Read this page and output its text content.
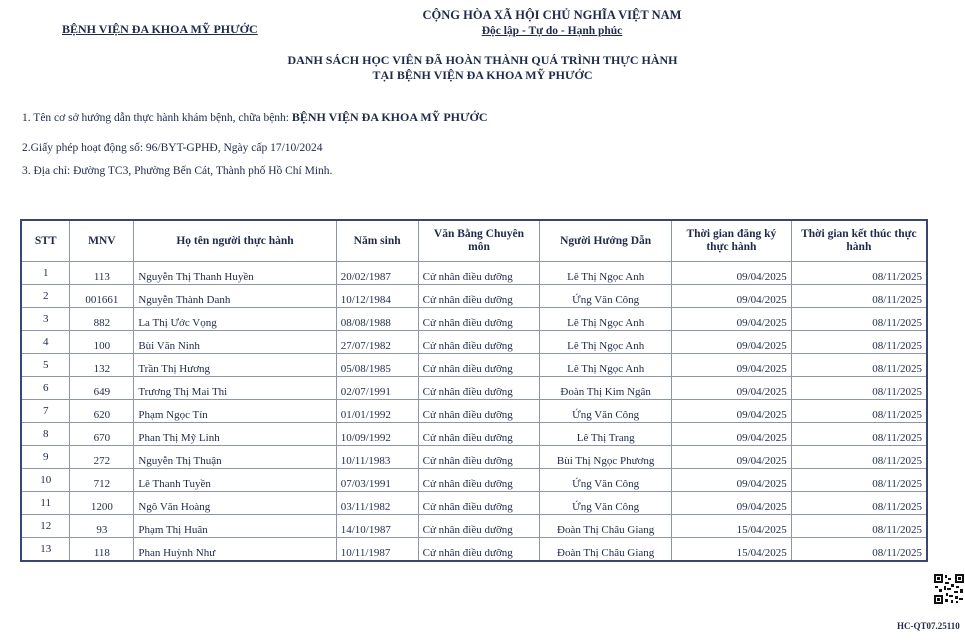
BỆNH VIỆN ĐA KHOA MỸ PHƯỚC
CỘNG HÒA XÃ HỘI CHỦ NGHĨA VIỆT NAM
Độc lập - Tự do - Hạnh phúc
DANH SÁCH HỌC VIÊN ĐÃ HOÀN THÀNH QUÁ TRÌNH THỰC HÀNH
TẠI BỆNH VIỆN ĐA KHOA MỸ PHƯỚC
1. Tên cơ sở hướng dẫn thực hành khám bệnh, chữa bệnh: BỆNH VIỆN ĐA KHOA MỸ PHƯỚC
2.Giấy phép hoạt động số: 96/BYT-GPHĐ, Ngày cấp 17/10/2024
3. Địa chỉ: Đường TC3, Phường Bến Cát, Thành phố Hồ Chí Minh.
STT	MNV	Họ tên người thực hành	Năm sinh	Văn Bằng Chuyên môn	Người Hướng Dẫn	Thời gian đăng ký thực hành	Thời gian kết thúc thực hành
1	113	Nguyễn Thị Thanh Huyền	20/02/1987	Cử nhân điều dưỡng	Lê Thị Ngọc Anh	09/04/2025	08/11/2025
2	001661	Nguyễn Thành Danh	10/12/1984	Cử nhân điều dưỡng	Ứng Văn Công	09/04/2025	08/11/2025
3	882	La Thị Ước Vọng	08/08/1988	Cử nhân điều dưỡng	Lê Thị Ngọc Anh	09/04/2025	08/11/2025
4	100	Bùi Văn Ninh	27/07/1982	Cử nhân điều dưỡng	Lê Thị Ngọc Anh	09/04/2025	08/11/2025
5	132	Trần Thị Hương	05/08/1985	Cử nhân điều dưỡng	Lê Thị Ngọc Anh	09/04/2025	08/11/2025
6	649	Trương Thị Mai Thi	02/07/1991	Cử nhân điều dưỡng	Đoàn Thị Kim Ngân	09/04/2025	08/11/2025
7	620	Phạm Ngọc Tín	01/01/1992	Cử nhân điều dưỡng	Ứng Văn Công	09/04/2025	08/11/2025
8	670	Phan Thị Mỹ Linh	10/09/1992	Cử nhân điều dưỡng	Lê Thị Trang	09/04/2025	08/11/2025
9	272	Nguyễn Thị Thuận	10/11/1983	Cử nhân điều dưỡng	Bùi Thị Ngọc Phương	09/04/2025	08/11/2025
10	712	Lê Thanh Tuyền	07/03/1991	Cử nhân điều dưỡng	Ứng Văn Công	09/04/2025	08/11/2025
11	1200	Ngô Văn Hoàng	03/11/1982	Cử nhân điều dưỡng	Ứng Văn Công	09/04/2025	08/11/2025
12	93	Phạm Thị Huân	14/10/1987	Cử nhân điều dưỡng	Đoàn Thị Châu Giang	15/04/2025	08/11/2025
13	118	Phan Huỳnh Như	10/11/1987	Cử nhân điều dưỡng	Đoàn Thị Châu Giang	15/04/2025	08/11/2025
HC-QT07.25110
